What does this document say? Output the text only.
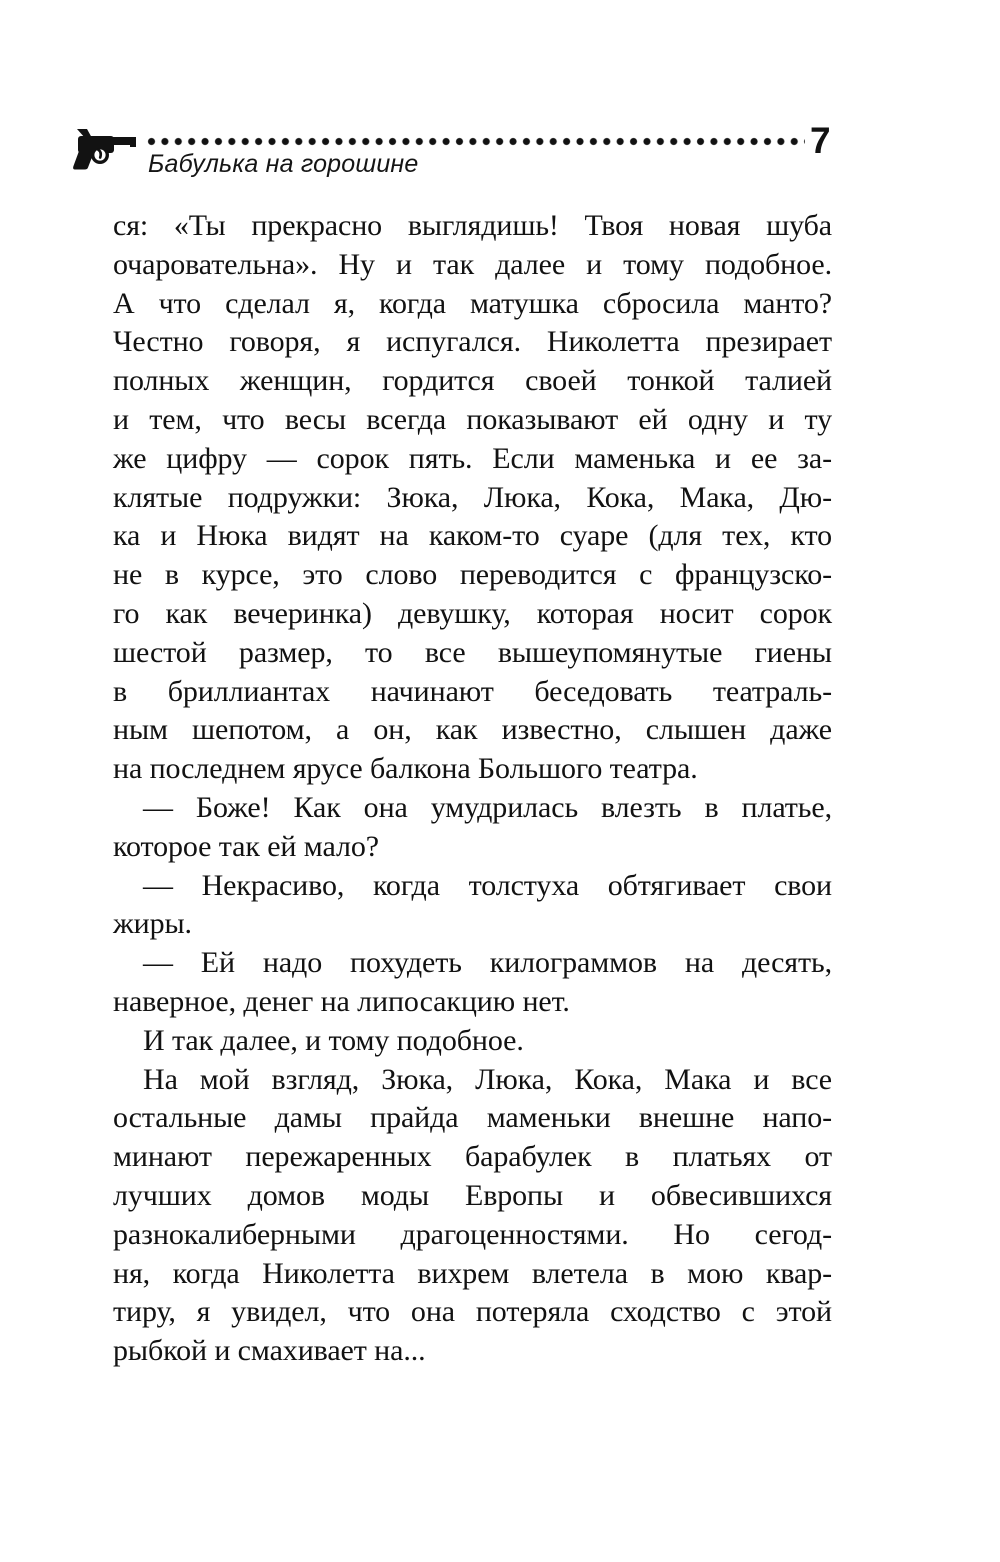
7
Бабулька на горошине
ся: «Ты прекрасно выглядишь! Твоя новая шуба
очаровательна». Ну и так далее и тому подобное.
А что сделал я, когда матушка сбросила манто?
Честно говоря, я испугался. Николетта презирает
полных женщин, гордится своей тонкой талией
и тем, что весы всегда показывают ей одну и ту
же цифру — сорок пять. Если маменька и ее за-
клятые подружки: Зюка, Люка, Кока, Мака, Дю-
ка и Нюка видят на каком-то суаре (для тех, кто
не в курсе, это слово переводится с французско-
го как вечеринка) девушку, которая носит сорок
шестой размер, то все вышеупомянутые гиены
в бриллиантах начинают беседовать театраль-
ным шепотом, а он, как известно, слышен даже
на последнем ярусе балкона Большого театра.
— Боже! Как она умудрилась влезть в платье,
которое так ей мало?
— Некрасиво, когда толстуха обтягивает свои
жиры.
— Ей надо похудеть килограммов на десять,
наверное, денег на липосакцию нет.
И так далее, и тому подобное.
На мой взгляд, Зюка, Люка, Кока, Мака и все
остальные дамы прайда маменьки внешне напо-
минают пережаренных барабулек в платьях от
лучших домов моды Европы и обвесившихся
разнокалиберными драгоценностями. Но сегод-
ня, когда Николетта вихрем влетела в мою квар-
тиру, я увидел, что она потеряла сходство с этой
рыбкой и смахивает на...
